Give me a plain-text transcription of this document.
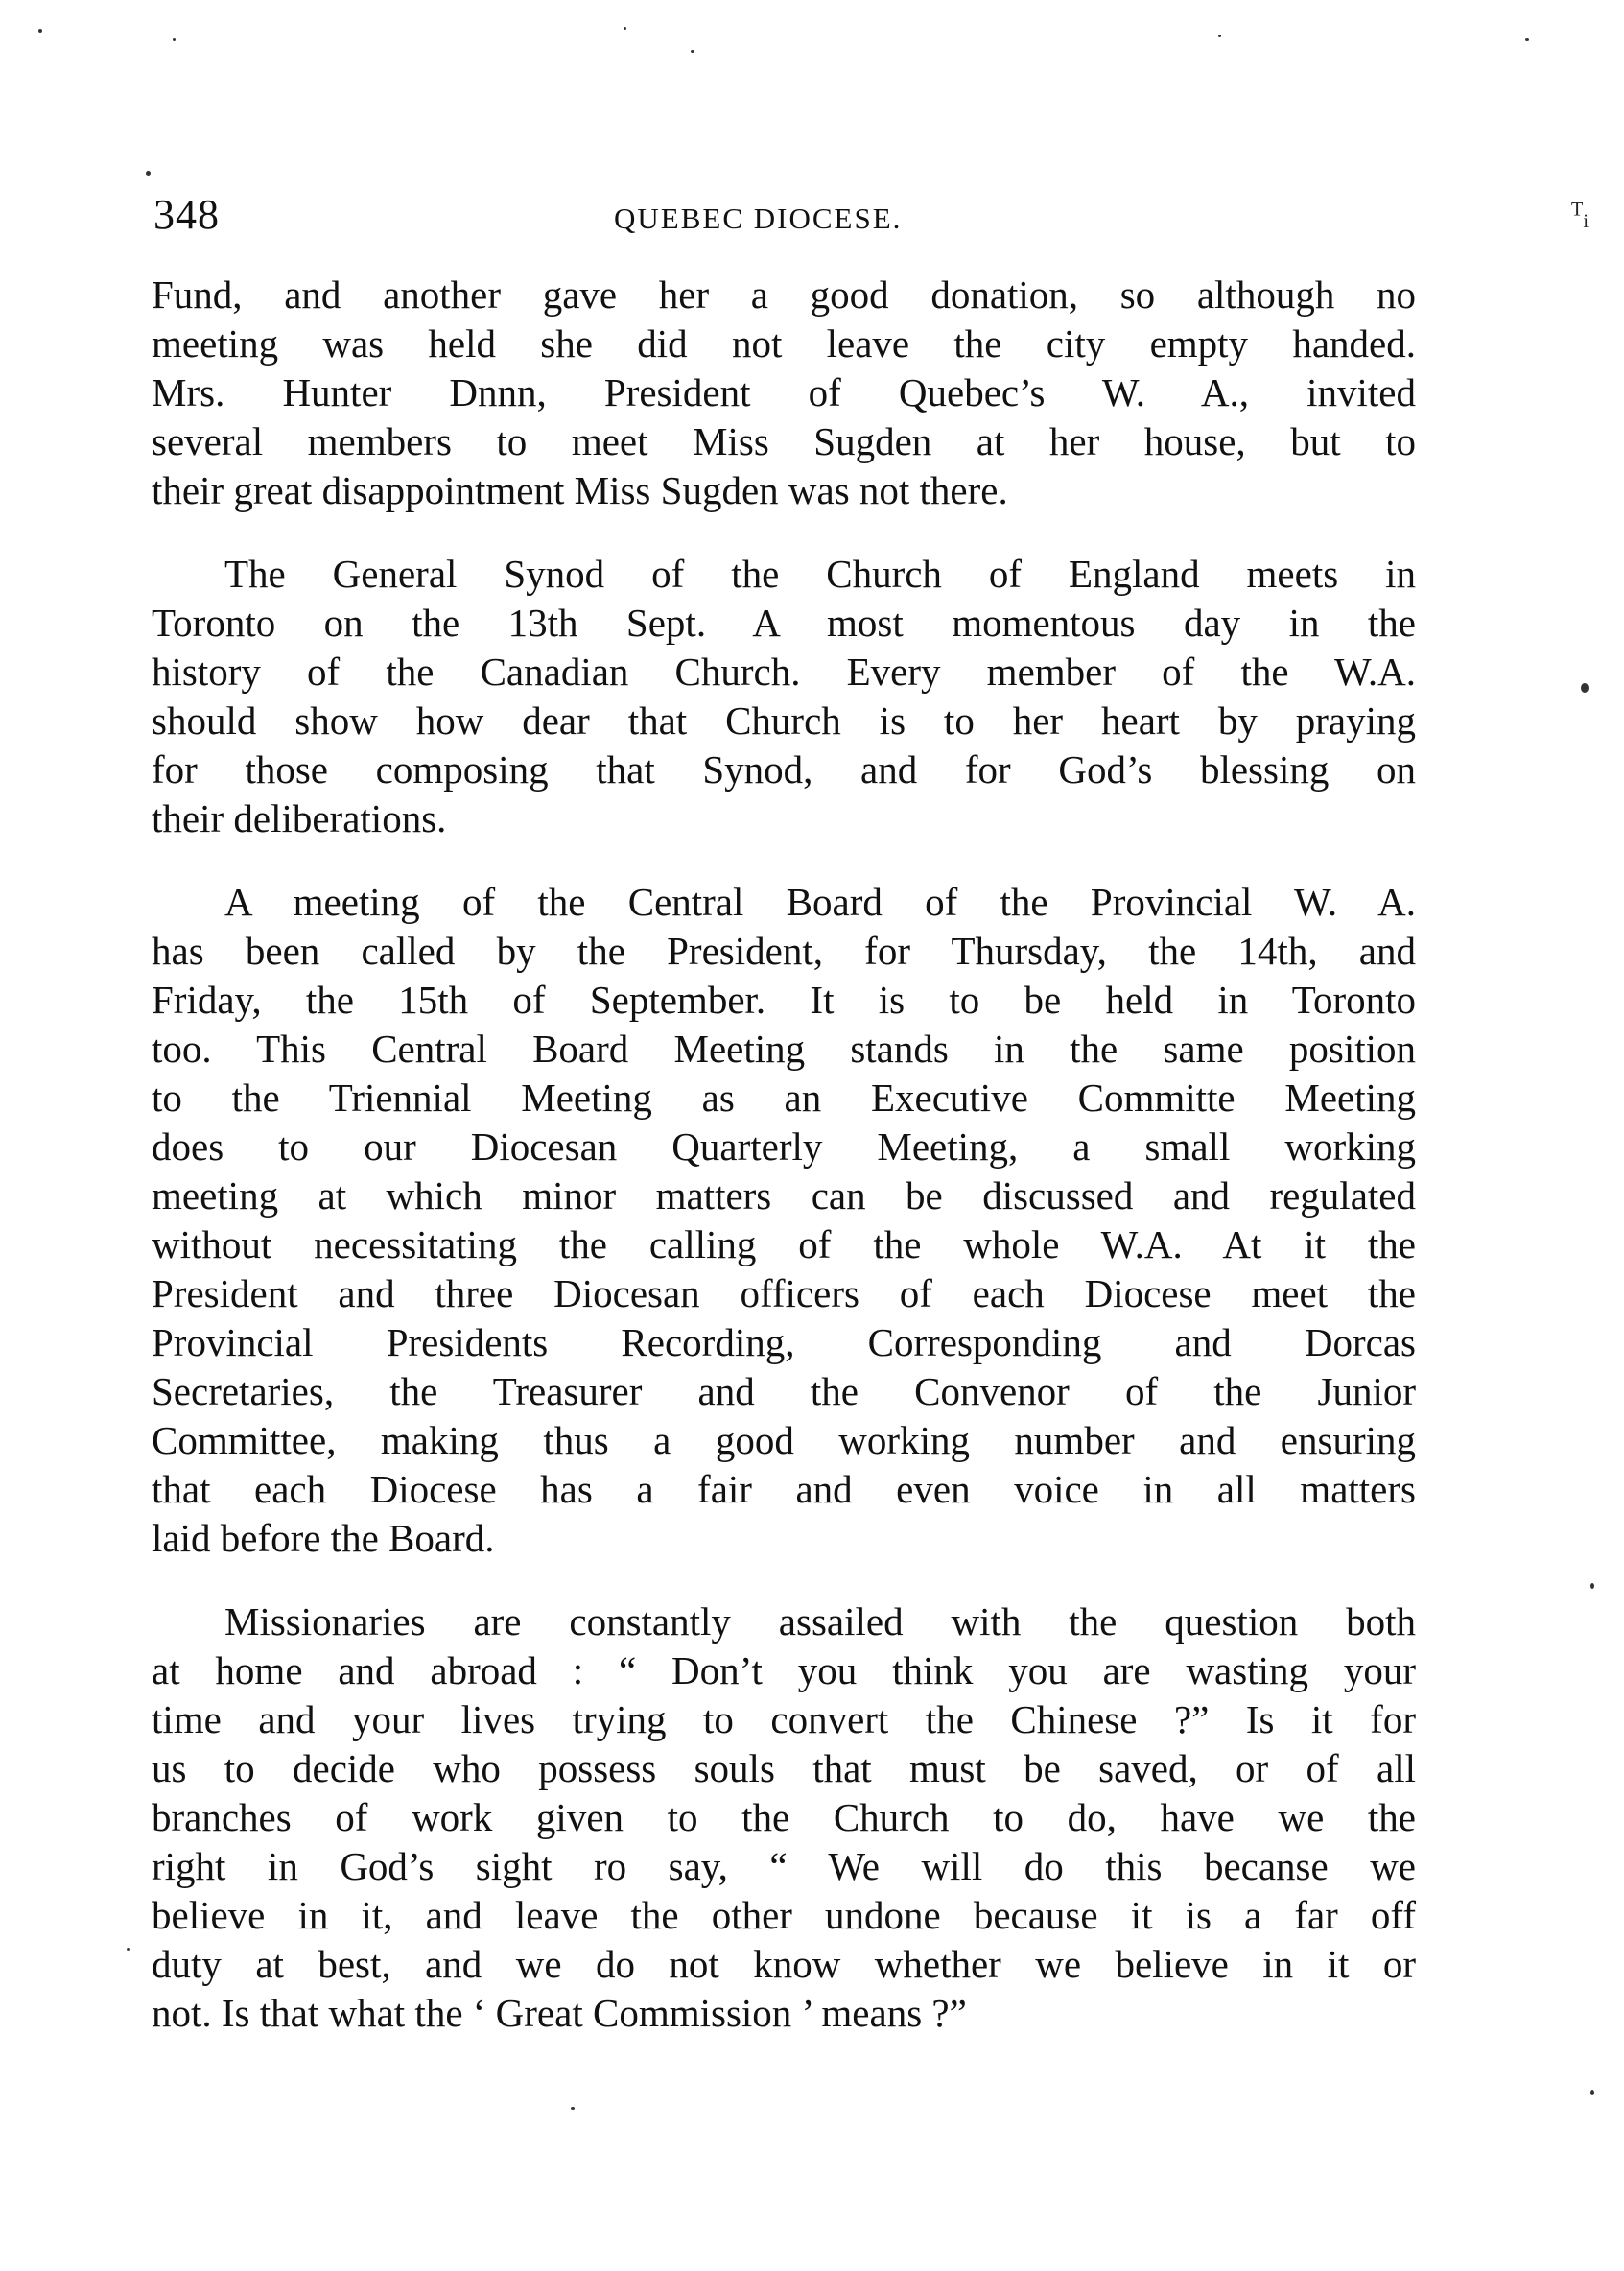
348	QUEBEC DIOCESE.	ᵀᵢ
Fund, and another gave her a good donation, so although no
meeting was held she did not leave the city empty handed.
Mrs. Hunter Dnnn, President of Quebec’s W. A., invited
several members to meet Miss Sugden at her house, but to
their great disappointment Miss Sugden was not there.
The General Synod of the Church of England meets in
Toronto on the 13th Sept. A most momentous day in the
history of the Canadian Church. Every member of the W.A.
should show how dear that Church is to her heart by praying
for those composing that Synod, and for God’s blessing on
their deliberations.
A meeting of the Central Board of the Provincial W. A.
has been called by the President, for Thursday, the 14th, and
Friday, the 15th of September. It is to be held in Toronto
too. This Central Board Meeting stands in the same position
to the Triennial Meeting as an Executive Committe Meeting
does to our Diocesan Quarterly Meeting, a small working
meeting at which minor matters can be discussed and regulated
without necessitating the calling of the whole W.A. At it the
President and three Diocesan officers of each Diocese meet the
Provincial Presidents Recording, Corresponding and Dorcas
Secretaries, the Treasurer and the Convenor of the Junior
Committee, making thus a good working number and ensuring
that each Diocese has a fair and even voice in all matters
laid before the Board.
Missionaries are constantly assailed with the question both
at home and abroad : “ Don’t you think you are wasting your
time and your lives trying to convert the Chinese ?” Is it for
us to decide who possess souls that must be saved, or of all
branches of work given to the Church to do, have we the
right in God’s sight ro say, “ We will do this becanse we
believe in it, and leave the other undone because it is a far off
duty at best, and we do not know whether we believe in it or
not. Is that what the ‘ Great Commission ’ means ?”
